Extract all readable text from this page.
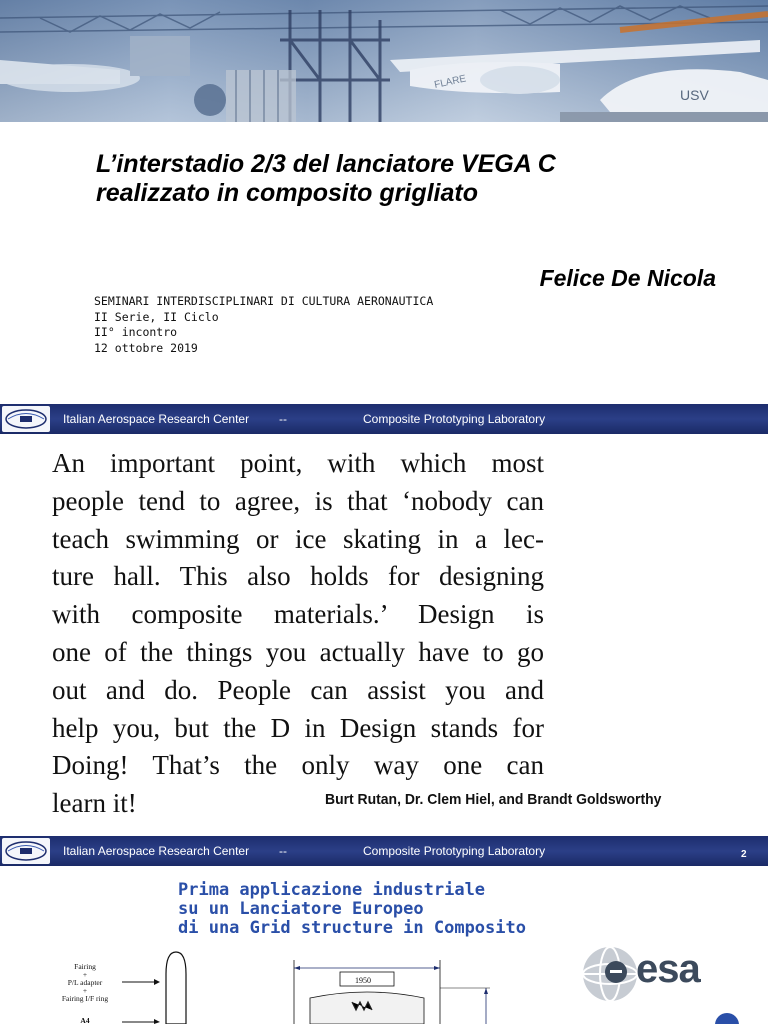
FLARE
USV
L’interstadio 2/3 del lanciatore VEGA C
realizzato in composito grigliato
Felice De Nicola
SEMINARI INTERDISCIPLINARI DI CULTURA AERONAUTICA
II Serie, II Ciclo
II° incontro
12 ottobre 2019
Italian Aerospace Research Center --	Composite Prototyping Laboratory
An important point, with which most
people tend to agree, is that ‘nobody can
teach swimming or ice skating in a lec-
ture hall. This also holds for designing
with composite materials.’ Design is
one of the things you actually have to go
out and do. People can assist you and
help you, but the D in Design stands for
Doing! That’s the only way one can
learn it!	Burt Rutan, Dr. Clem Hiel, and Brandt Goldsworthy
Italian Aerospace Research Center --	Composite Prototyping Laboratory	2
Prima applicazione industriale
su un Lanciatore Europeo
di una Grid structure in Composito
Fairing
+
P/L adapter
+
Fairing I/F ring
A4
1950	esa
